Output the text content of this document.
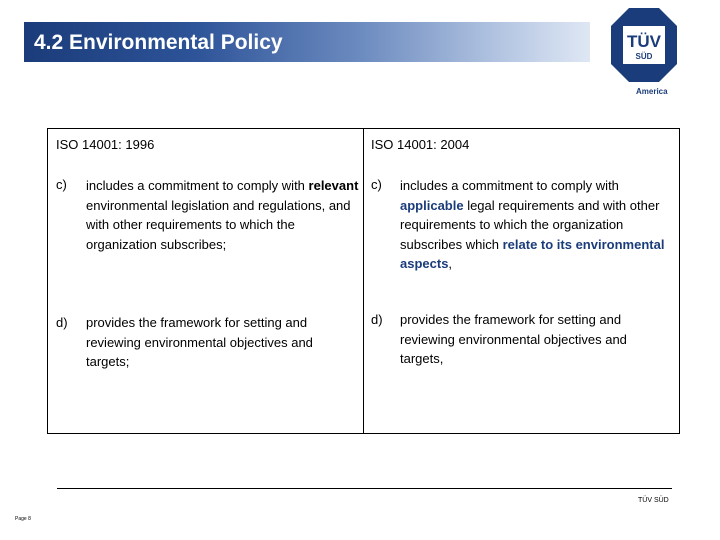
4.2 Environmental Policy	TÜV
SÜD
America
ISO 14001: 1996	ISO 14001: 2004
c) includes a commitment to comply with relevant environmental legislation and regulations, and with other requirements to which the organization subscribes;
d) provides the framework for setting and reviewing environmental objectives and targets;
c) includes a commitment to comply with applicable legal requirements and with other requirements to which the organization subscribes which relate to its environmental aspects,
d) provides the framework for setting and reviewing environmental objectives and targets,
TÜV SÜD
Page 8
